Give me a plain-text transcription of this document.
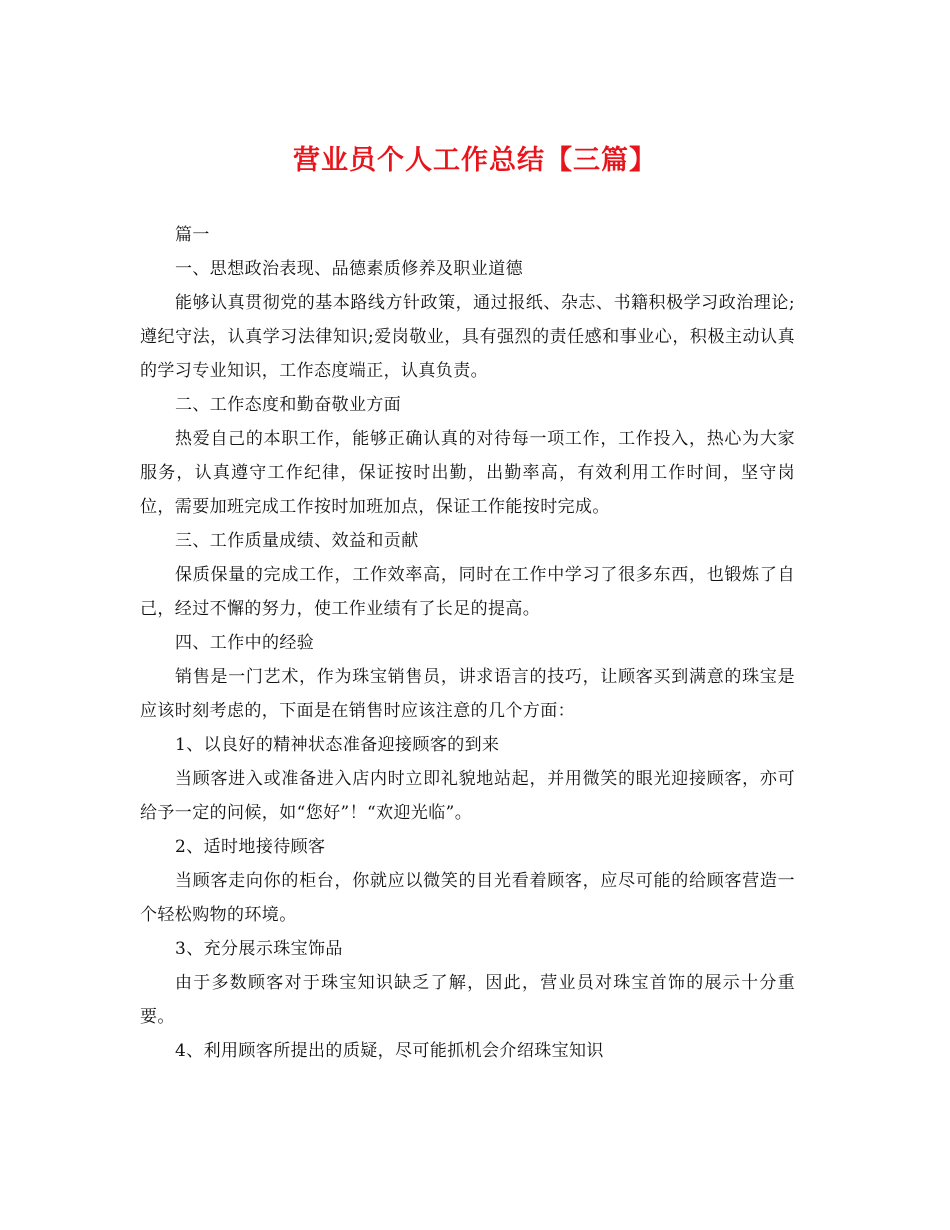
营业员个人工作总结【三篇】

篇一

一、思想政治表现、品德素质修养及职业道德

能够认真贯彻党的基本路线方针政策，通过报纸、杂志、书籍积极学习政治理论;遵纪守法，认真学习法律知识;爱岗敬业，具有强烈的责任感和事业心，积极主动认真的学习专业知识，工作态度端正，认真负责。

二、工作态度和勤奋敬业方面

热爱自己的本职工作，能够正确认真的对待每一项工作，工作投入，热心为大家服务，认真遵守工作纪律，保证按时出勤，出勤率高，有效利用工作时间，坚守岗位，需要加班完成工作按时加班加点，保证工作能按时完成。

三、工作质量成绩、效益和贡献

保质保量的完成工作，工作效率高，同时在工作中学习了很多东西，也锻炼了自己，经过不懈的努力，使工作业绩有了长足的提高。

四、工作中的经验

销售是一门艺术，作为珠宝销售员，讲求语言的技巧，让顾客买到满意的珠宝是应该时刻考虑的，下面是在销售时应该注意的几个方面：

1、以良好的精神状态准备迎接顾客的到来

当顾客进入或准备进入店内时立即礼貌地站起，并用微笑的眼光迎接顾客，亦可给予一定的问候，如“您好”！“欢迎光临”。

2、适时地接待顾客

当顾客走向你的柜台，你就应以微笑的目光看着顾客，应尽可能的给顾客营造一个轻松购物的环境。

3、充分展示珠宝饰品

由于多数顾客对于珠宝知识缺乏了解，因此，营业员对珠宝首饰的展示十分重要。

4、利用顾客所提出的质疑，尽可能抓机会介绍珠宝知识
